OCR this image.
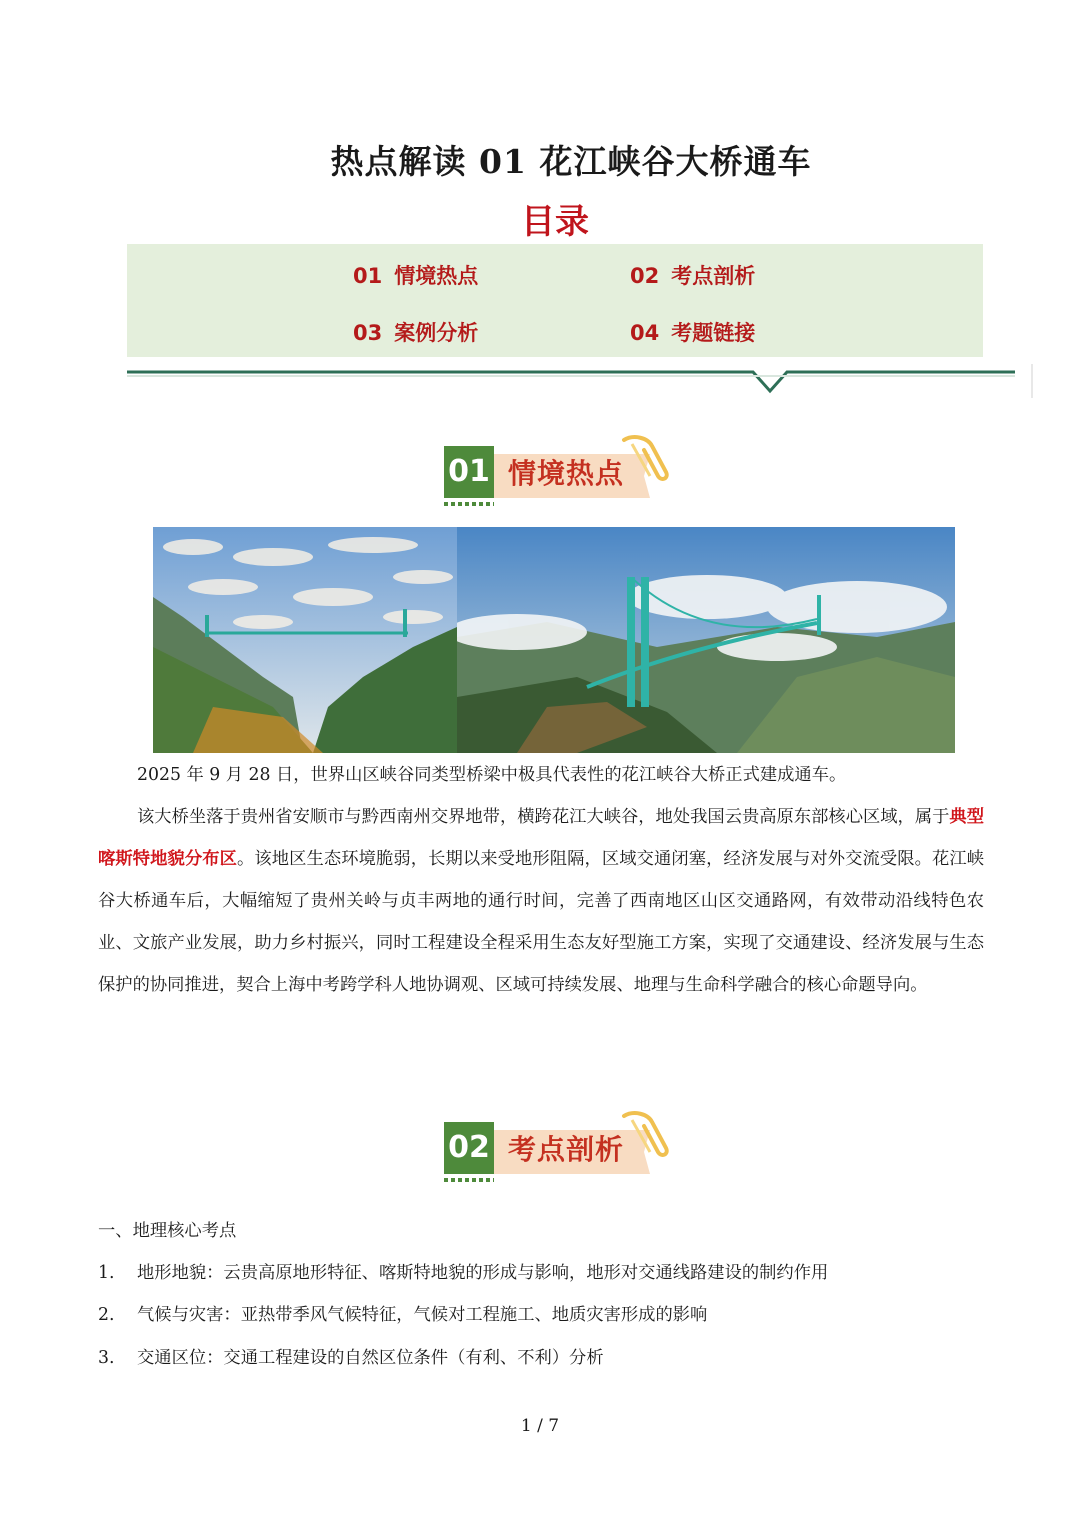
热点解读 01 花江峡谷大桥通车
目录
01 情境热点	02 考点剖析
03 案例分析	04 考题链接
01 情境热点
2025 年 9 月 28 日，世界山区峡谷同类型桥梁中极具代表性的花江峡谷大桥正式建成通车。
该大桥坐落于贵州省安顺市与黔西南州交界地带，横跨花江大峡谷，地处我国云贵高原东部核心区域，属于典型喀斯特地貌分布区。该地区生态环境脆弱，长期以来受地形阻隔，区域交通闭塞，经济发展与对外交流受限。花江峡谷大桥通车后，大幅缩短了贵州关岭与贞丰两地的通行时间，完善了西南地区山区交通路网，有效带动沿线特色农业、文旅产业发展，助力乡村振兴，同时工程建设全程采用生态友好型施工方案，实现了交通建设、经济发展与生态保护的协同推进，契合上海中考跨学科人地协调观、区域可持续发展、地理与生命科学融合的核心命题导向。
02 考点剖析
一、地理核心考点
1. 地形地貌：云贵高原地形特征、喀斯特地貌的形成与影响，地形对交通线路建设的制约作用
2. 气候与灾害：亚热带季风气候特征，气候对工程施工、地质灾害形成的影响
3. 交通区位：交通工程建设的自然区位条件（有利、不利）分析
1 / 7
